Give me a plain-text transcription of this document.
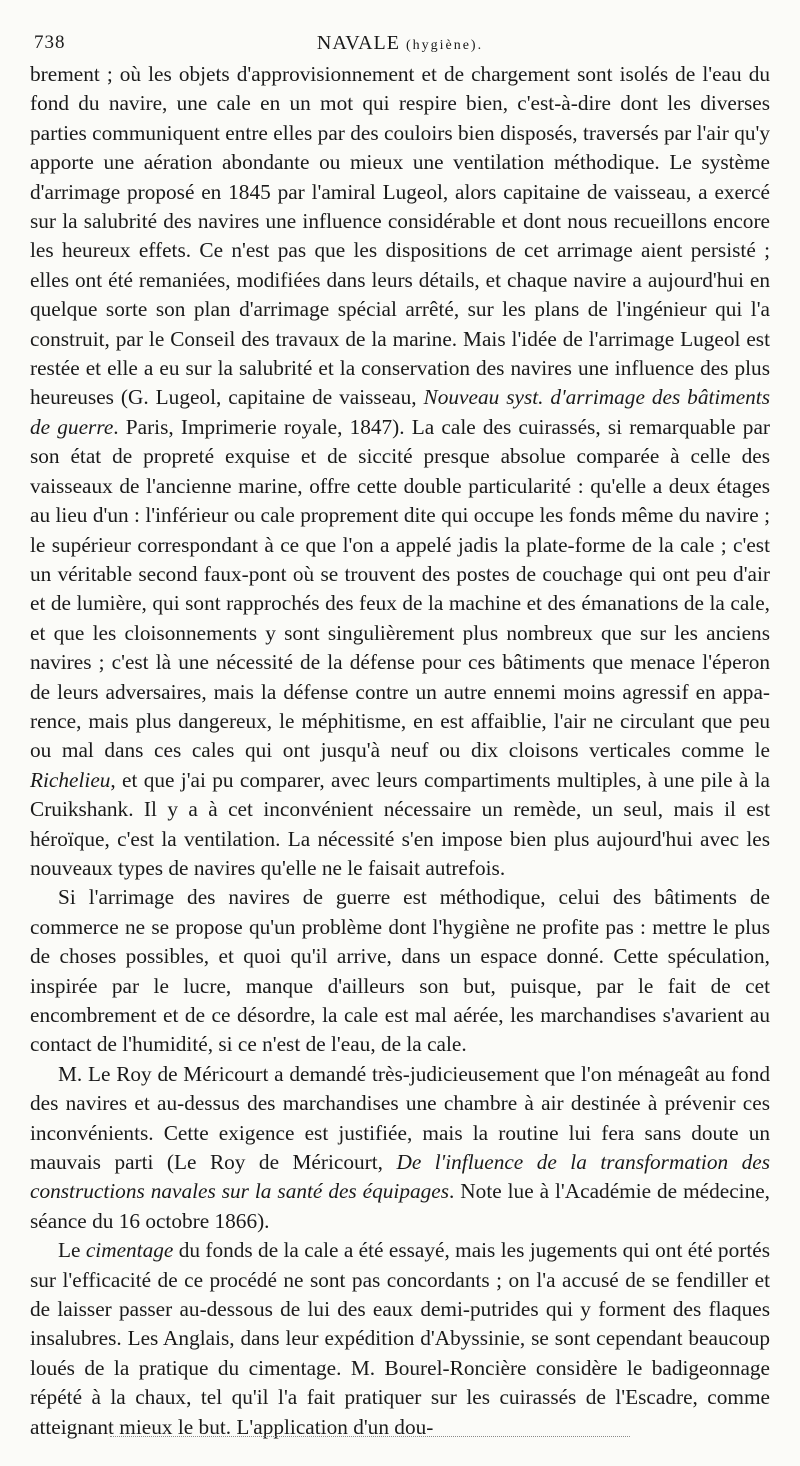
738	NAVALE (hygiène).

brement ; où les objets d'approvisionnement et de chargement sont isolés de l'eau du fond du navire, une cale en un mot qui respire bien, c'est-à-dire dont les diverses parties communiquent entre elles par des couloirs bien disposés, traversés par l'air qu'y apporte une aération abondante ou mieux une ventilation méthodique. Le système d'arrimage proposé en 1845 par l'amiral Lugeol, alors capitaine de vaisseau, a exercé sur la salubrité des navires une influence considérable et dont nous recueillons encore les heureux effets. Ce n'est pas que les dispositions de cet arrimage aient persisté ; elles ont été remaniées, modifiées dans leurs détails, et chaque navire a aujourd'hui en quelque sorte son plan d'arrimage spécial arrêté, sur les plans de l'ingénieur qui l'a construit, par le Conseil des travaux de la marine. Mais l'idée de l'arrimage Lugeol est restée et elle a eu sur la salubrité et la conservation des navires une influence des plus heureuses (G. Lugeol, capitaine de vaisseau, Nouveau syst. d'arrimage des bâtiments de guerre. Paris, Imprimerie royale, 1847). La cale des cuirassés, si remarquable par son état de propreté exquise et de siccité presque absolue comparée à celle des vaisseaux de l'ancienne marine, offre cette double particularité : qu'elle a deux étages au lieu d'un : l'inférieur ou cale proprement dite qui occupe les fonds même du navire ; le supérieur correspondant à ce que l'on a appelé jadis la plate-forme de la cale ; c'est un véritable second faux-pont où se trouvent des postes de couchage qui ont peu d'air et de lumière, qui sont rapprochés des feux de la machine et des émanations de la cale, et que les cloisonnements y sont singulièrement plus nombreux que sur les anciens navires ; c'est là une nécessité de la défense pour ces bâtiments que menace l'éperon de leurs adversaires, mais la défense contre un autre ennemi moins agressif en apparence, mais plus dangereux, le méphitisme, en est affaiblie, l'air ne circulant que peu ou mal dans ces cales qui ont jusqu'à neuf ou dix cloisons verticales comme le Richelieu, et que j'ai pu comparer, avec leurs compartiments multiples, à une pile à la Cruikshank. Il y a à cet inconvénient nécessaire un remède, un seul, mais il est héroïque, c'est la ventilation. La nécessité s'en impose bien plus aujourd'hui avec les nouveaux types de navires qu'elle ne le faisait autrefois.

Si l'arrimage des navires de guerre est méthodique, celui des bâtiments de commerce ne se propose qu'un problème dont l'hygiène ne profite pas : mettre le plus de choses possibles, et quoi qu'il arrive, dans un espace donné. Cette spéculation, inspirée par le lucre, manque d'ailleurs son but, puisque, par le fait de cet encombrement et de ce désordre, la cale est mal aérée, les marchandises s'avarient au contact de l'humidité, si ce n'est de l'eau, de la cale.

M. Le Roy de Méricourt a demandé très-judicieusement que l'on ménageât au fond des navires et au-dessus des marchandises une chambre à air destinée à prévenir ces inconvénients. Cette exigence est justifiée, mais la routine lui fera sans doute un mauvais parti (Le Roy de Méricourt, De l'influence de la transformation des constructions navales sur la santé des équipages. Note lue à l'Académie de médecine, séance du 16 octobre 1866).

Le cimentage du fonds de la cale a été essayé, mais les jugements qui ont été portés sur l'efficacité de ce procédé ne sont pas concordants ; on l'a accusé de se fendiller et de laisser passer au-dessous de lui des eaux demi-putrides qui y forment des flaques insalubres. Les Anglais, dans leur expédition d'Abyssinie, se sont cependant beaucoup loués de la pratique du cimentage. M. Bourel-Roncière considère le badigeonnage répété à la chaux, tel qu'il l'a fait pratiquer sur les cuirassés de l'Escadre, comme atteignant mieux le but. L'application d'un dou-
